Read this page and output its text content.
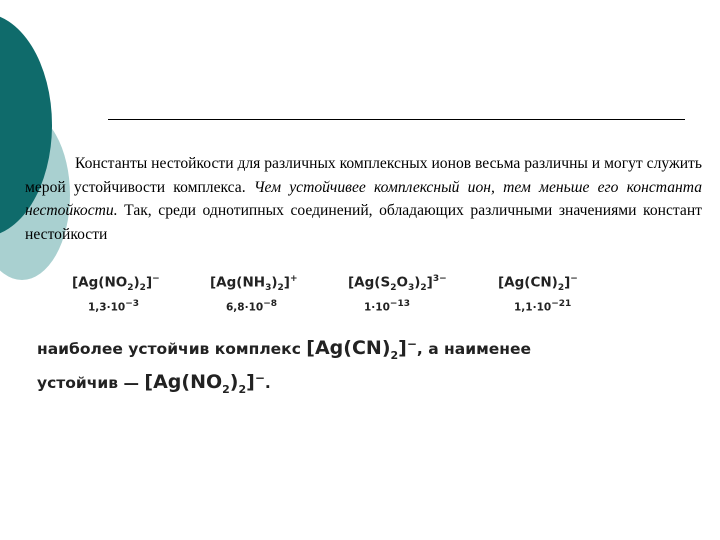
Константы нестойкости для различных комплексных ионов весьма различны и могут служить мерой устойчивости комплекса. Чем устойчивее комплексный ион, тем меньше его константа нестойкости. Так, среди однотипных соединений, обладающих различными значениями констант нестойкости
$[Ag(NO_2)_2]^-$
$1,3\cdot 10^{-3}$
$[Ag(NH_3)_2]^+$
$6,8\cdot 10^{-8}$
$[Ag(S_2O_3)_2]^{3-}$
$1\cdot 10^{-13}$
$[Ag(CN)_2]^-$
$1,1\cdot 10^{-21}$
наиболее устойчив комплекс $[Ag(CN)_2]^-$, а наименее
устойчив — $[Ag(NO_2)_2]^-$.
